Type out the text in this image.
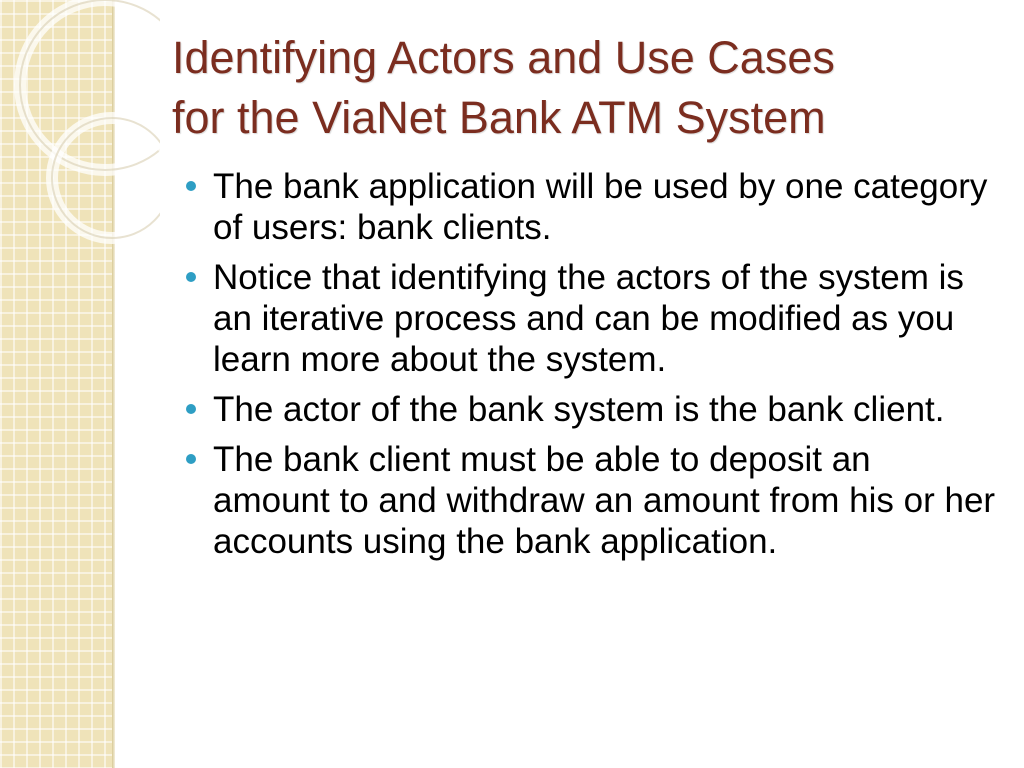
Identifying Actors and Use Cases
for the ViaNet Bank ATM System
The bank application will be used by one category of users: bank clients.
Notice that identifying the actors of the system is an iterative process and can be modified as you learn more about the system.
The actor of the bank system is the bank client.
The bank client must be able to deposit an amount to and withdraw an amount from his or her accounts using the bank application.
